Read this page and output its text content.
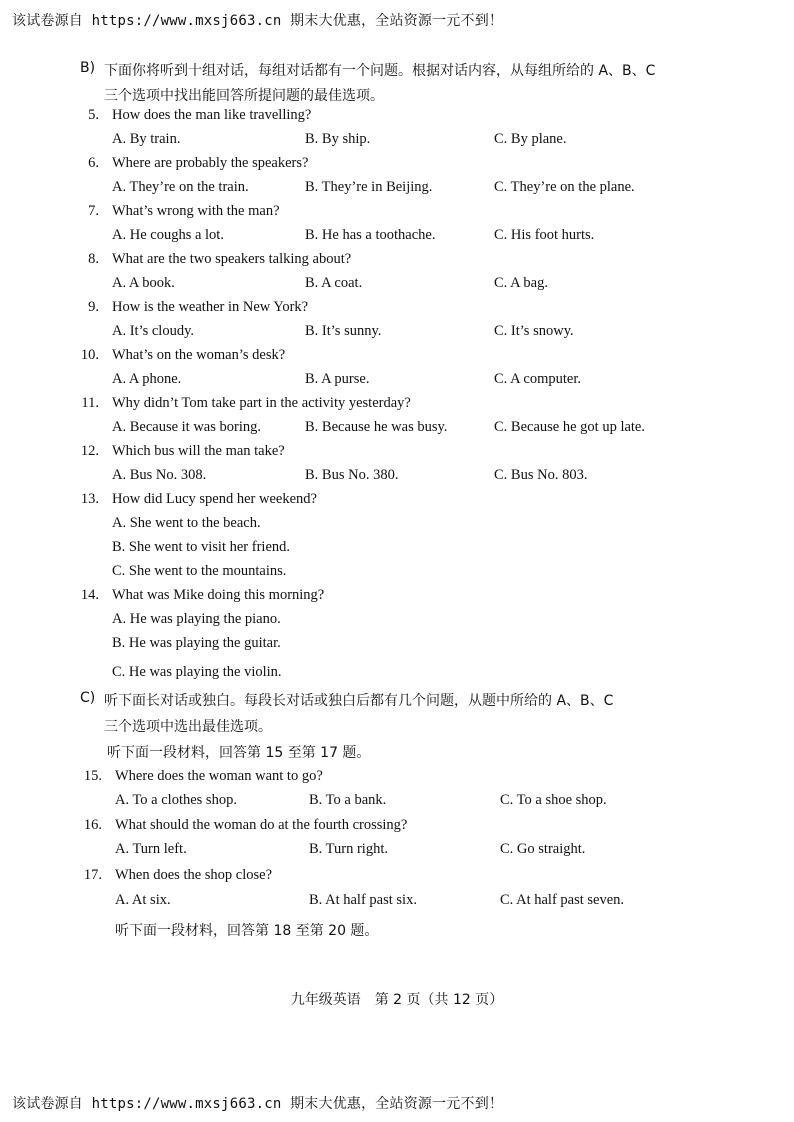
该试卷源自 https://www.mxsj663.cn 期末大优惠，全站资源一元不到！
B) 下面你将听到十组对话，每组对话都有一个问题。根据对话内容，从每组所给的 A、B、C
三个选项中找出能回答所提问题的最佳选项。
5. How does the man like travelling?
A. By train.	B. By ship.	C. By plane.
6. Where are probably the speakers?
A. They’re on the train.	B. They’re in Beijing.	C. They’re on the plane.
7. What’s wrong with the man?
A. He coughs a lot.	B. He has a toothache.	C. His foot hurts.
8. What are the two speakers talking about?
A. A book.	B. A coat.	C. A bag.
9. How is the weather in New York?
A. It’s cloudy.	B. It’s sunny.	C. It’s snowy.
10. What’s on the woman’s desk?
A. A phone.	B. A purse.	C. A computer.
11. Why didn’t Tom take part in the activity yesterday?
A. Because it was boring.	B. Because he was busy.	C. Because he got up late.
12. Which bus will the man take?
A. Bus No. 308.	B. Bus No. 380.	C. Bus No. 803.
13. How did Lucy spend her weekend?
A. She went to the beach.
B. She went to visit her friend.
C. She went to the mountains.
14. What was Mike doing this morning?
A. He was playing the piano.
B. He was playing the guitar.
C. He was playing the violin.
C) 听下面长对话或独白。每段长对话或独白后都有几个问题，从题中所给的 A、B、C
三个选项中选出最佳选项。
听下面一段材料，回答第 15 至第 17 题。
15. Where does the woman want to go?
A. To a clothes shop.	B. To a bank.	C. To a shoe shop.
16. What should the woman do at the fourth crossing?
A. Turn left.	B. Turn right.	C. Go straight.
17. When does the shop close?
A. At six.	B. At half past six.	C. At half past seven.
听下面一段材料，回答第 18 至第 20 题。
九年级英语　第 2 页（共 12 页）
该试卷源自 https://www.mxsj663.cn 期末大优惠，全站资源一元不到！
